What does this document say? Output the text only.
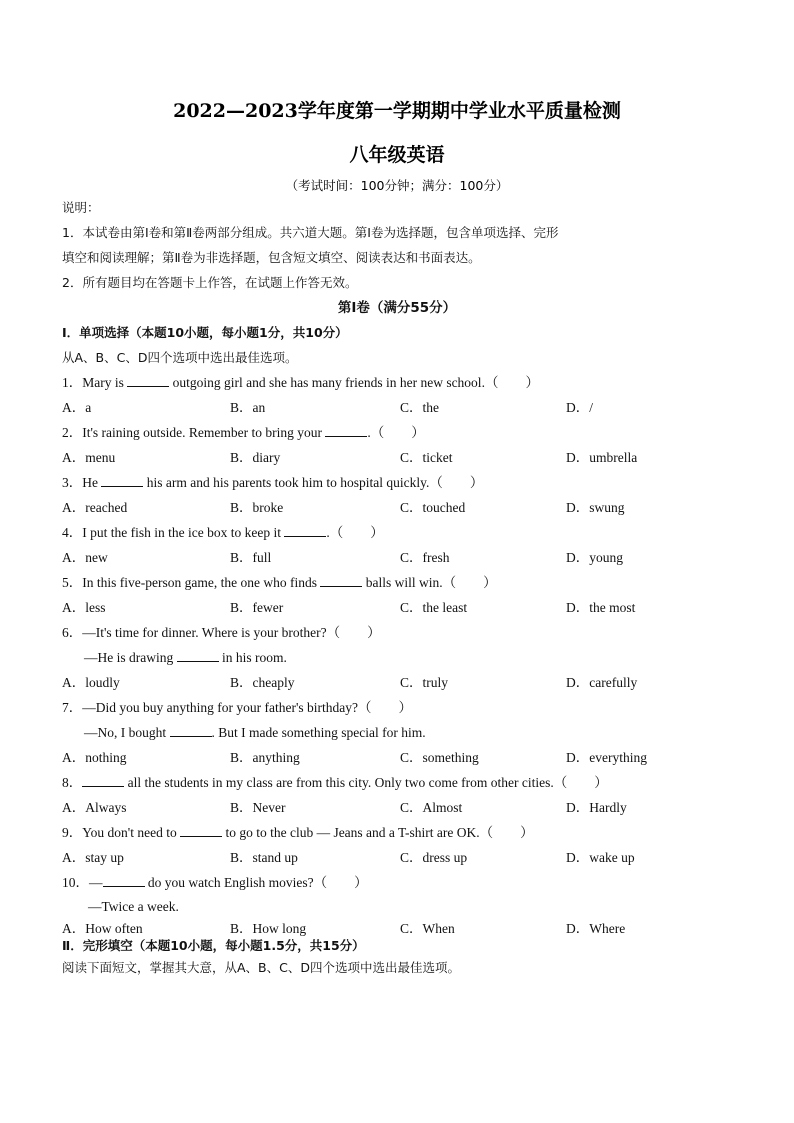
2022—2023学年度第一学期期中学业水平质量检测
八年级英语
（考试时间：100分钟；满分：100分）
说明：
1．本试卷由第Ⅰ卷和第Ⅱ卷两部分组成。共六道大题。第Ⅰ卷为选择题，包含单项选择、完形
填空和阅读理解；第Ⅱ卷为非选择题，包含短文填空、阅读表达和书面表达。
2．所有题目均在答题卡上作答，在试题上作答无效。
第Ⅰ卷（满分55分）
Ⅰ．单项选择（本题10小题，每小题1分，共10分）
从A、B、C、D四个选项中选出最佳选项。
1．Mary is	outgoing girl and she has many friends in her new school.（　　）
A．a	B．an	C．the	D．/
2．It's raining outside. Remember to bring your	.（　　）
A．menu	B．diary	C．ticket	D．umbrella
3．He	his arm and his parents took him to hospital quickly.（　　）
A．reached	B．broke	C．touched	D．swung
4．I put the fish in the ice box to keep it	.（　　）
A．new	B．full	C．fresh	D．young
5．In this five-person game, the one who finds	balls will win.（　　）
A．less	B．fewer	C．the least	D．the most
6．—It's time for dinner. Where is your brother?（　　）
—He is drawing	in his room.
A．loudly	B．cheaply	C．truly	D．carefully
7．—Did you buy anything for your father's birthday?（　　）
—No, I bought	. But I made something special for him.
A．nothing	B．anything	C．something	D．everything
8．	all the students in my class are from this city. Only two come from other cities.（　　）
A．Always	B．Never	C．Almost	D．Hardly
9．You don't need to	to go to the club — Jeans and a T-shirt are OK.（　　）
A．stay up	B．stand up	C．dress up	D．wake up
10．—	do you watch English movies?（　　）
—Twice a week.
A．How often	B．How long	C．When	D．Where
Ⅱ．完形填空（本题10小题，每小题1.5分，共15分）
阅读下面短文，掌握其大意，从A、B、C、D四个选项中选出最佳选项。
